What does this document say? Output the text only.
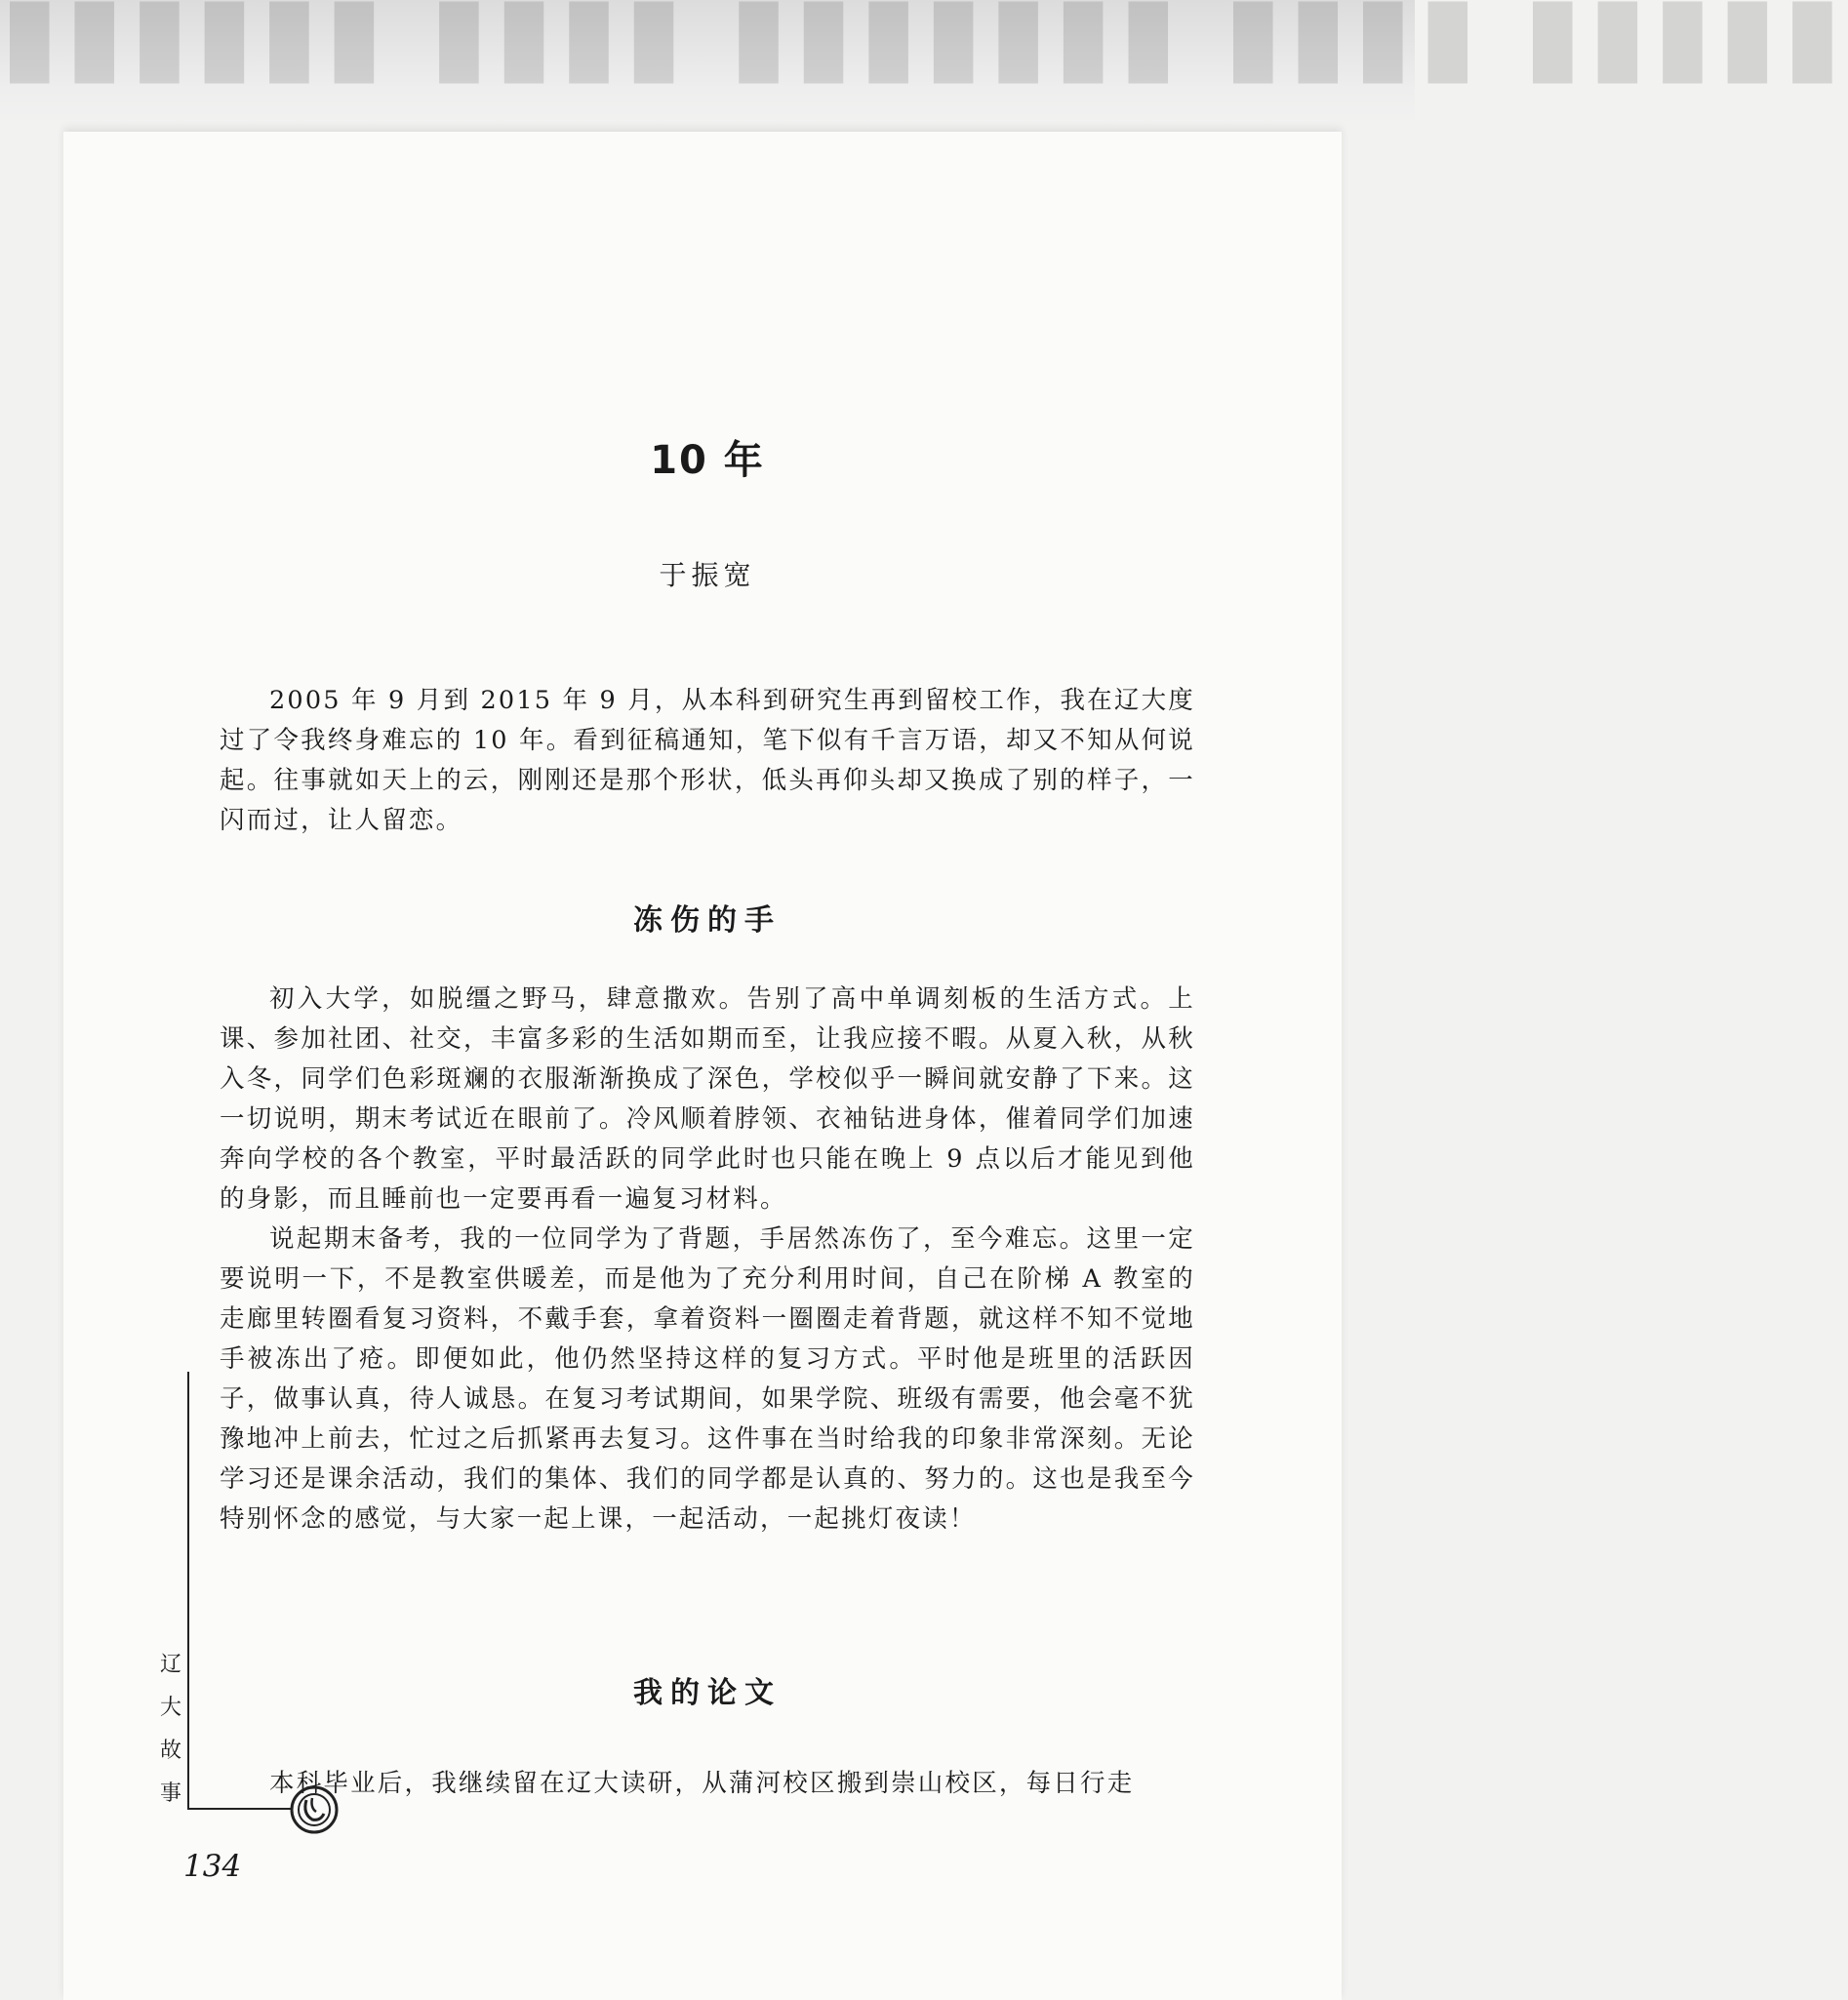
▮▮▮▮▮▮ ▮▮▮▮ ▮▮▮▮▮▮▮ ▮▮▮▮ ▮▮▮▮▮
10 年
于振宽

2005 年 9 月到 2015 年 9 月，从本科到研究生再到留校工作，我在辽大度过了令我终身难忘的 10 年。看到征稿通知，笔下似有千言万语，却又不知从何说起。往事就如天上的云，刚刚还是那个形状，低头再仰头却又换成了别的样子，一闪而过，让人留恋。

冻伤的手

初入大学，如脱缰之野马，肆意撒欢。告别了高中单调刻板的生活方式。上课、参加社团、社交，丰富多彩的生活如期而至，让我应接不暇。从夏入秋，从秋入冬，同学们色彩斑斓的衣服渐渐换成了深色，学校似乎一瞬间就安静了下来。这一切说明，期末考试近在眼前了。冷风顺着脖领、衣袖钻进身体，催着同学们加速奔向学校的各个教室，平时最活跃的同学此时也只能在晚上 9 点以后才能见到他的身影，而且睡前也一定要再看一遍复习材料。

说起期末备考，我的一位同学为了背题，手居然冻伤了，至今难忘。这里一定要说明一下，不是教室供暖差，而是他为了充分利用时间，自己在阶梯 A 教室的走廊里转圈看复习资料，不戴手套，拿着资料一圈圈走着背题，就这样不知不觉地手被冻出了疮。即便如此，他仍然坚持这样的复习方式。平时他是班里的活跃因子，做事认真，待人诚恳。在复习考试期间，如果学院、班级有需要，他会毫不犹豫地冲上前去，忙过之后抓紧再去复习。这件事在当时给我的印象非常深刻。无论学习还是课余活动，我们的集体、我们的同学都是认真的、努力的。这也是我至今特别怀念的感觉，与大家一起上课，一起活动，一起挑灯夜读！

我的论文

本科毕业后，我继续留在辽大读研，从蒲河校区搬到崇山校区，每日行走

辽
大
故
事
134
